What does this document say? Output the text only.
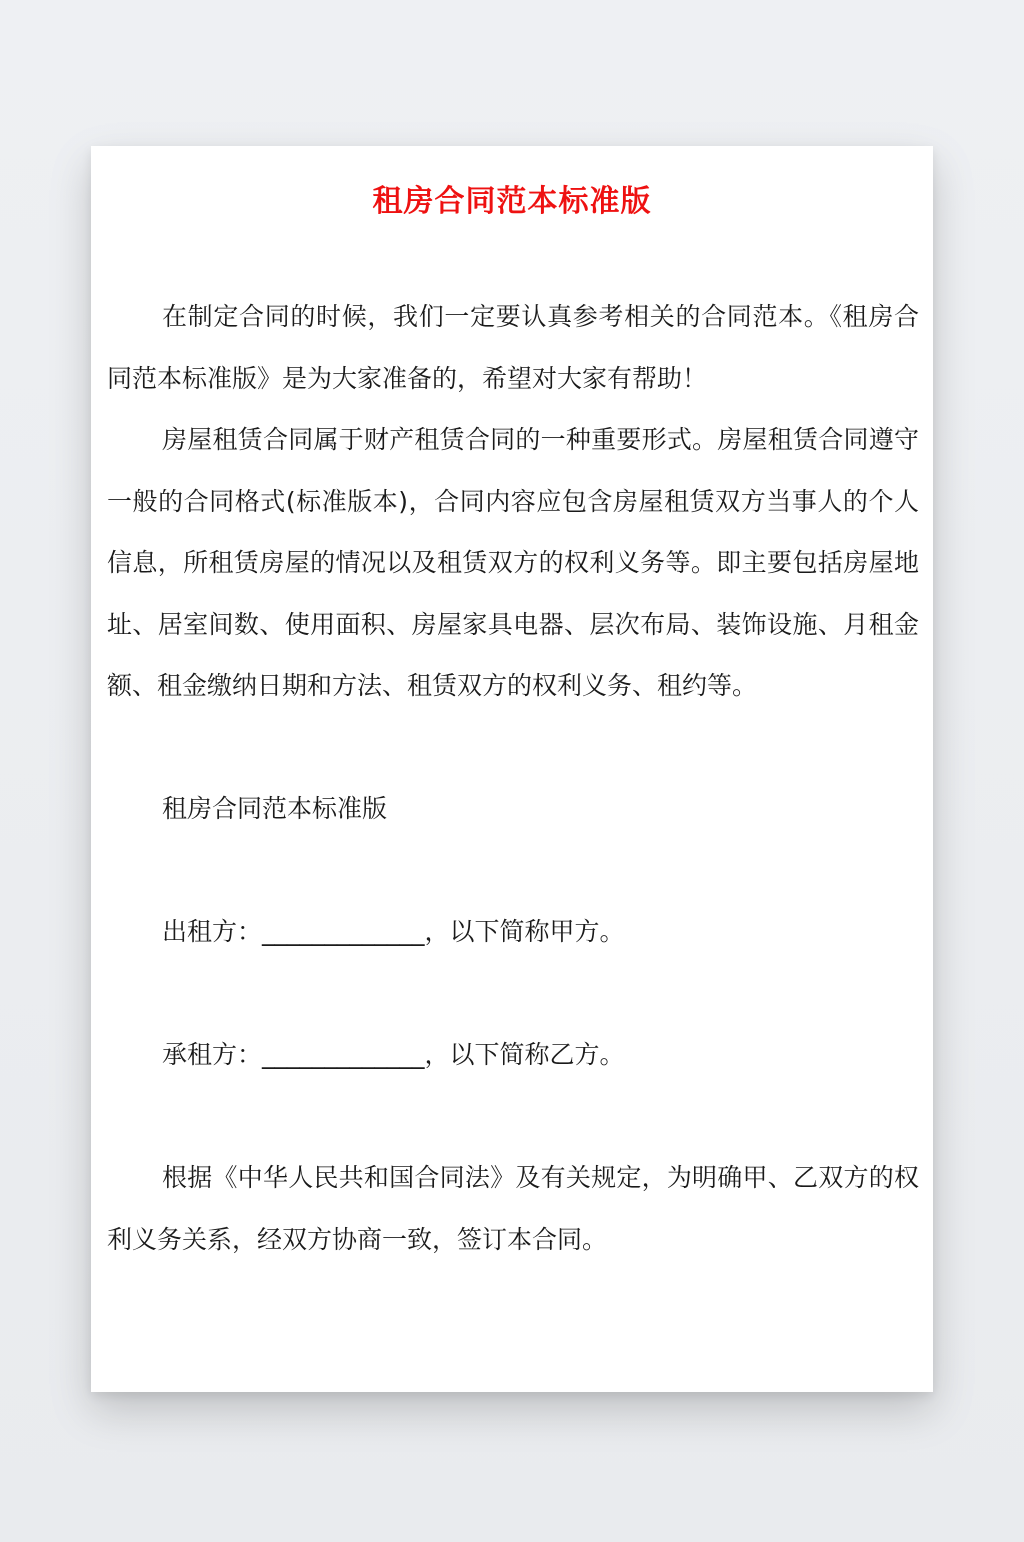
租房合同范本标准版

在制定合同的时候，我们一定要认真参考相关的合同范本。《租房合同范本标准版》是为大家准备的，希望对大家有帮助！

房屋租赁合同属于财产租赁合同的一种重要形式。房屋租赁合同遵守一般的合同格式(标准版本)，合同内容应包含房屋租赁双方当事人的个人信息，所租赁房屋的情况以及租赁双方的权利义务等。即主要包括房屋地址、居室间数、使用面积、房屋家具电器、层次布局、装饰设施、月租金额、租金缴纳日期和方法、租赁双方的权利义务、租约等。

租房合同范本标准版

出租方：_____________，以下简称甲方。

承租方：_____________，以下简称乙方。

根据《中华人民共和国合同法》及有关规定，为明确甲、乙双方的权利义务关系，经双方协商一致，签订本合同。
